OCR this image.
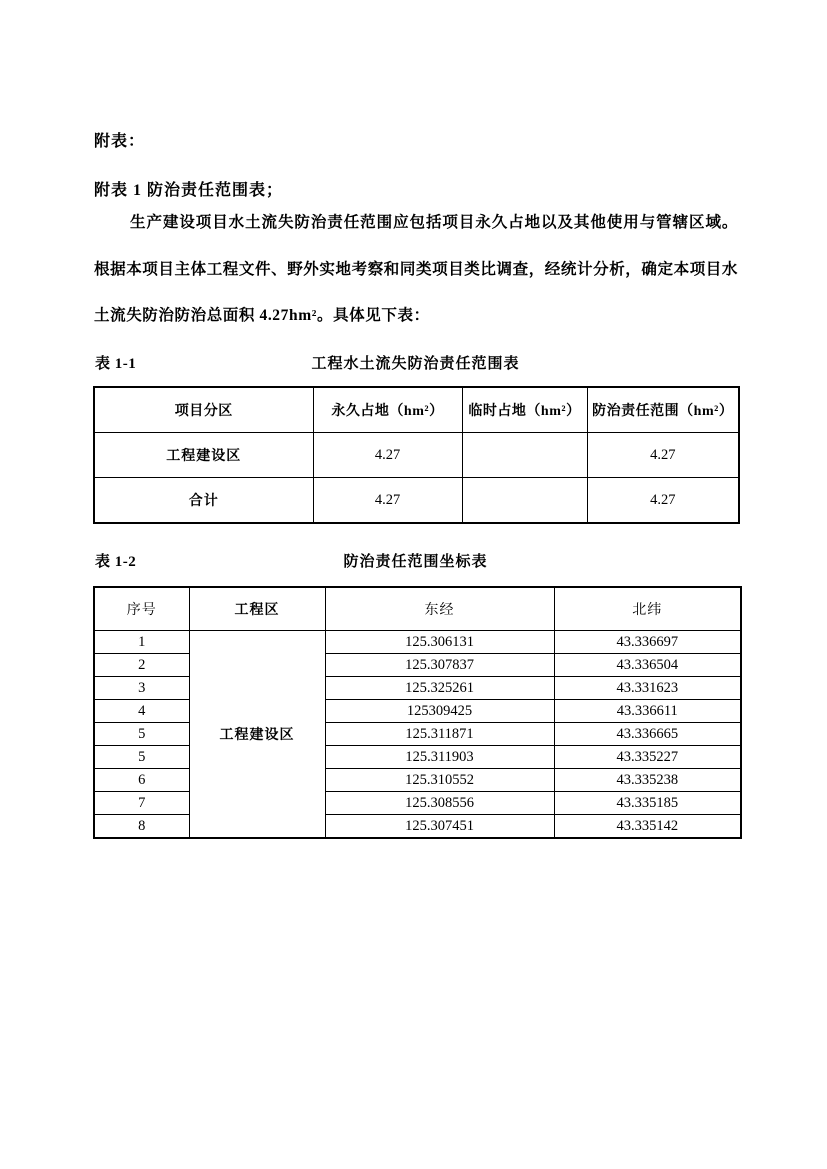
附表：
附表 1 防治责任范围表；

生产建设项目水土流失防治责任范围应包括项目永久占地以及其他使用与管辖区域。根据本项目主体工程文件、野外实地考察和同类项目类比调查，经统计分析，确定本项目水土流失防治防治总面积 4.27hm²。具体见下表：

表 1-1	工程水土流失防治责任范围表
项目分区	永久占地（hm²）	临时占地（hm²）	防治责任范围（hm²）
工程建设区	4.27		4.27
合计	4.27		4.27
表 1-2	防治责任范围坐标表
序号	工程区	东经	北纬
1	工程建设区	125.306131	43.336697
2		125.307837	43.336504
3		125.325261	43.331623
4		125309425	43.336611
5		125.311871	43.336665
5		125.311903	43.335227
6		125.310552	43.335238
7		125.308556	43.335185
8		125.307451	43.335142
